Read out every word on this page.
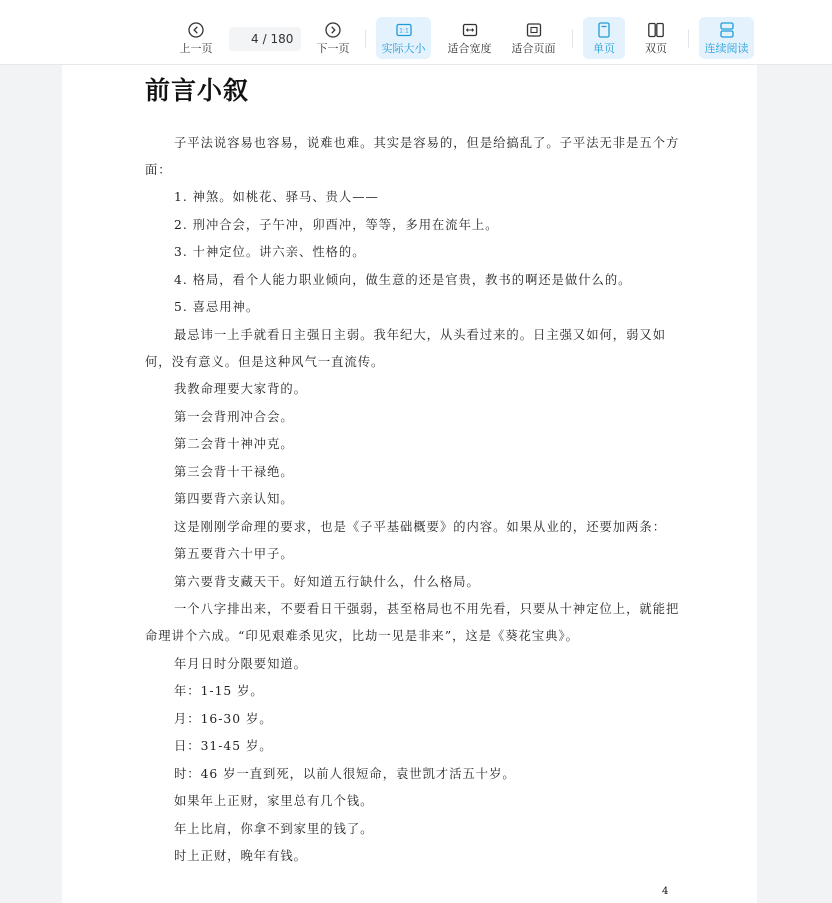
上一页
4
/ 180
下一页
1:1
实际大小 适合宽度 适合页面	单页	双页	连续阅读
前言小叙

子平法说容易也容易，说难也难。其实是容易的，但是给搞乱了。子平法无非是五个方面：

1. 神煞。如桃花、驿马、贵人——

2. 刑冲合会，子午冲，卯酉冲，等等，多用在流年上。

3. 十神定位。讲六亲、性格的。

4. 格局，看个人能力职业倾向，做生意的还是官贵，教书的啊还是做什么的。

5. 喜忌用神。

最忌讳一上手就看日主强日主弱。我年纪大，从头看过来的。日主强又如何，弱又如何，没有意义。但是这种风气一直流传。

我教命理要大家背的。

第一会背刑冲合会。

第二会背十神冲克。

第三会背十干禄绝。

第四要背六亲认知。

这是刚刚学命理的要求，也是《子平基础概要》的内容。如果从业的，还要加两条：

第五要背六十甲子。

第六要背支藏天干。好知道五行缺什么，什么格局。

一个八字排出来，不要看日干强弱，甚至格局也不用先看，只要从十神定位上，就能把命理讲个六成。“印见艰难杀见灾，比劫一见是非来”，这是《葵花宝典》。

年月日时分限要知道。

年：1-15 岁。

月：16-30 岁。

日：31-45 岁。

时：46 岁一直到死，以前人很短命，袁世凯才活五十岁。

如果年上正财，家里总有几个钱。

年上比肩，你拿不到家里的钱了。

时上正财，晚年有钱。

4
